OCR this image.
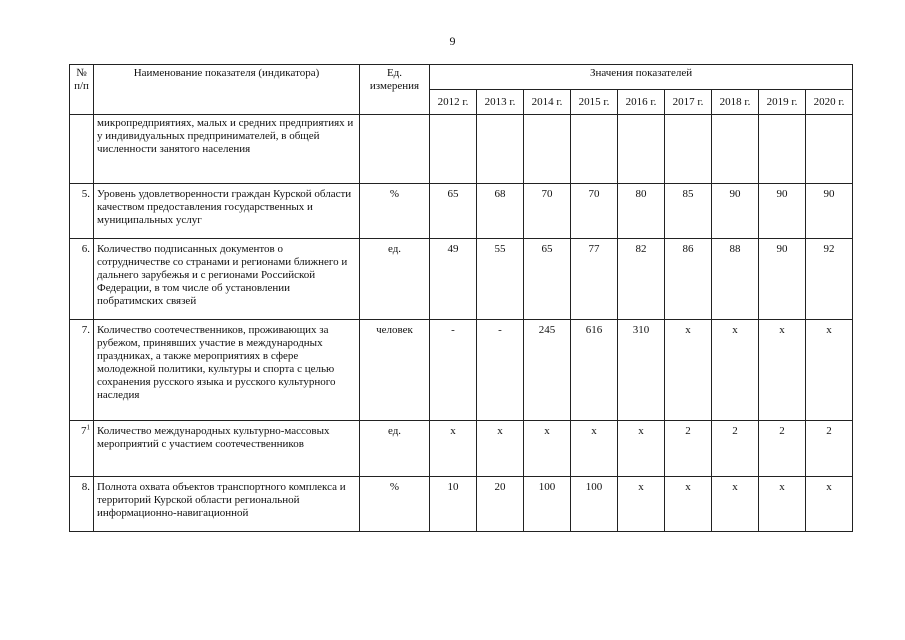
9
№ п/п	Наименование показателя (индикатора)	Ед. измерения	Значения показателей								
			2012 г.	2013 г.	2014 г.	2015 г.	2016 г.	2017 г.	2018 г.	2019 г.	2020 г.
	микропредприятиях, малых и средних предприятиях и у индивидуальных предпринимателей, в общей численности занятого населения										
5.	Уровень удовлетворенности граждан Курской области качеством предоставления государственных и муниципальных услуг	%	65	68	70	70	80	85	90	90	90
6.	Количество подписанных документов о сотрудничестве со странами и регионами ближнего и дальнего зарубежья и с регионами Российской Федерации, в том числе об установлении побратимских связей	ед.	49	55	65	77	82	86	88	90	92
7.	Количество соотечественников, проживающих за рубежом, принявших участие в международных праздниках, а также мероприятиях в сфере молодежной политики, культуры и спорта с целью сохранения русского языка и русского культурного наследия	человек	-	-	245	616	310	х	х	х	х
$7^1$	Количество международных культурно-массовых мероприятий с участием соотечественников	ед.	х	х	х	х	х	2	2	2	2
8.	Полнота охвата объектов транспортного комплекса и территорий Курской области региональной информационно-навигационной	%	10	20	100	100	х	х	х	х	х
